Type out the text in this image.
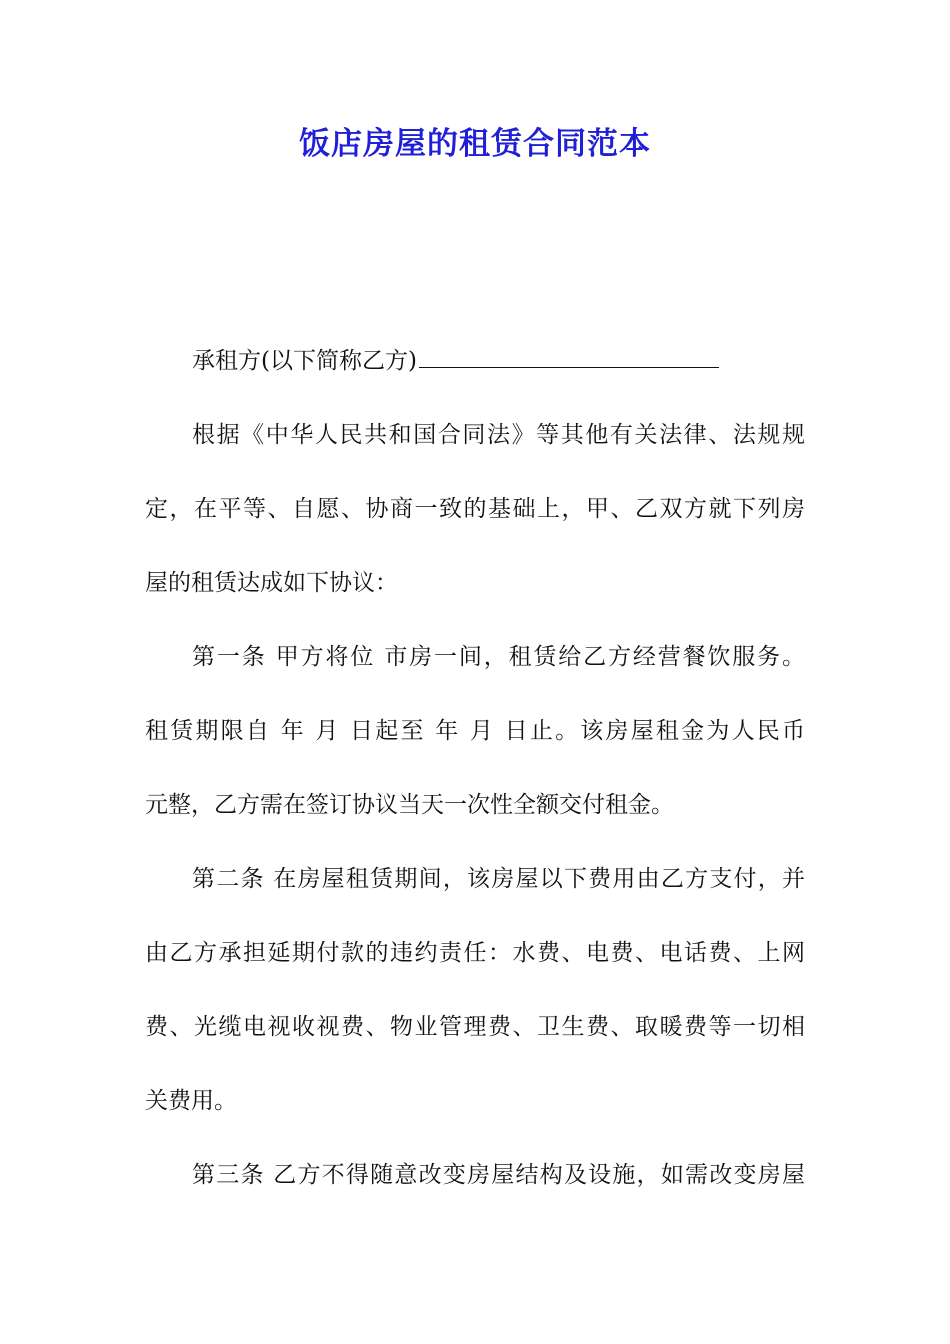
饭店房屋的租赁合同范本
承租方(以下简称乙方)
根据《中华人民共和国合同法》等其他有关法律、法规规
定，在平等、自愿、协商一致的基础上，甲、乙双方就下列房
屋的租赁达成如下协议：
第一条 甲方将位 市房一间，租赁给乙方经营餐饮服务。
租赁期限自 年 月 日起至 年 月 日止。该房屋租金为人民币
元整，乙方需在签订协议当天一次性全额交付租金。
第二条 在房屋租赁期间，该房屋以下费用由乙方支付，并
由乙方承担延期付款的违约责任：水费、电费、电话费、上网
费、光缆电视收视费、物业管理费、卫生费、取暖费等一切相
关费用。
第三条 乙方不得随意改变房屋结构及设施，如需改变房屋
